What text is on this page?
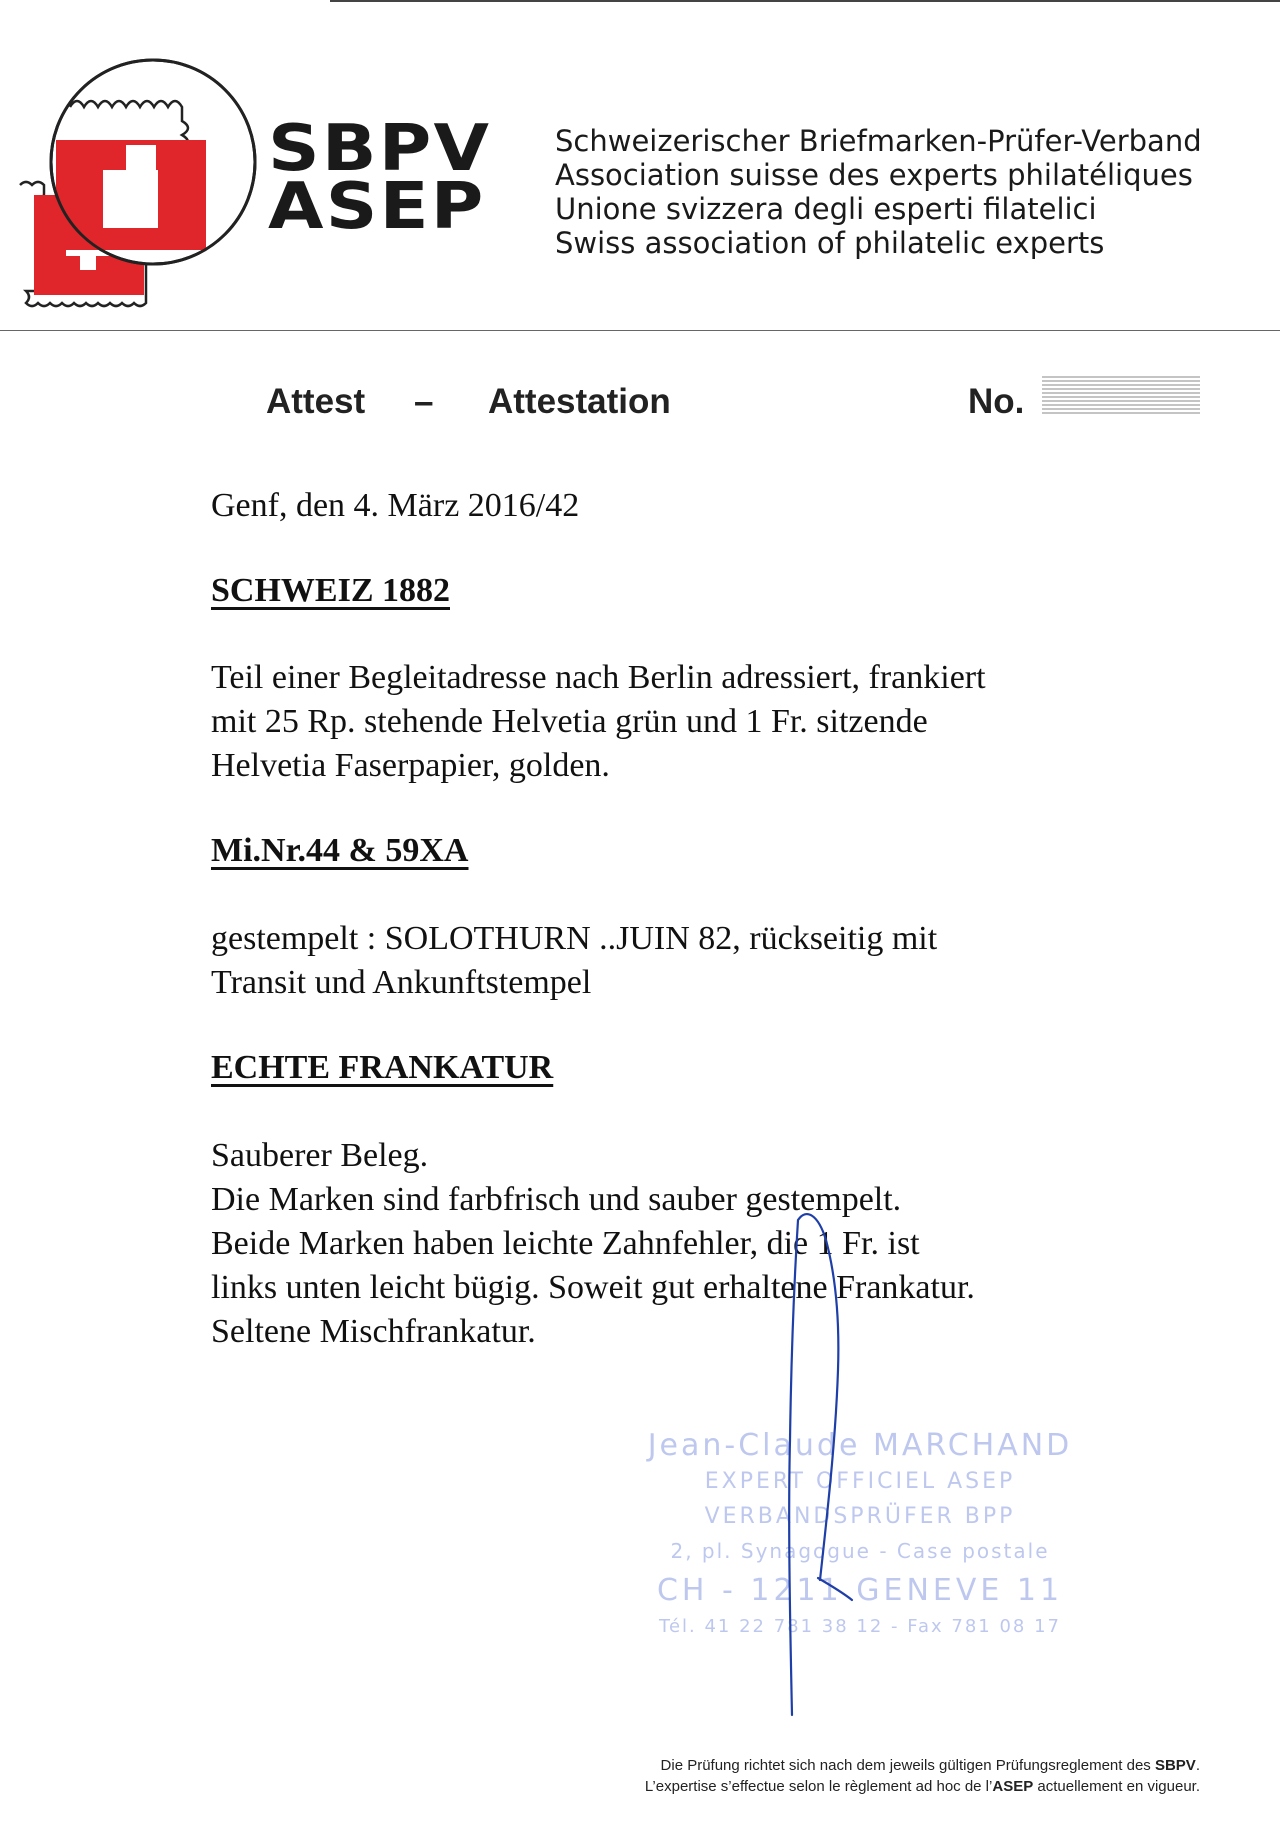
SBPV
ASEP
Schweizerischer Briefmarken-Prüfer-Verband
Association suisse des experts philatéliques
Unione svizzera degli esperti filatelici
Swiss association of philatelic experts
Attest – Attestation	No.
Genf, den 4. März 2016/42
SCHWEIZ 1882
Teil einer Begleitadresse nach Berlin adressiert, frankiert
mit 25 Rp. stehende Helvetia grün und 1 Fr. sitzende
Helvetia Faserpapier, golden.
Mi.Nr.44 & 59XA
gestempelt : SOLOTHURN ..JUIN 82, rückseitig mit
Transit und Ankunftstempel
ECHTE FRANKATUR
Sauberer Beleg.
Die Marken sind farbfrisch und sauber gestempelt.
Beide Marken haben leichte Zahnfehler, die 1 Fr. ist
links unten leicht bügig. Soweit gut erhaltene Frankatur.
Seltene Mischfrankatur.
Jean-Claude MARCHAND
EXPERT OFFICIEL ASEP
VERBANDSPRÜFER BPP
2, pl. Synagogue - Case postale
CH - 1211 GENEVE 11
Tél. 41 22 781 38 12 - Fax 781 08 17
Die Prüfung richtet sich nach dem jeweils gültigen Prüfungsreglement des SBPV.
L’expertise s’effectue selon le règlement ad hoc de l’ASEP actuellement en vigueur.
